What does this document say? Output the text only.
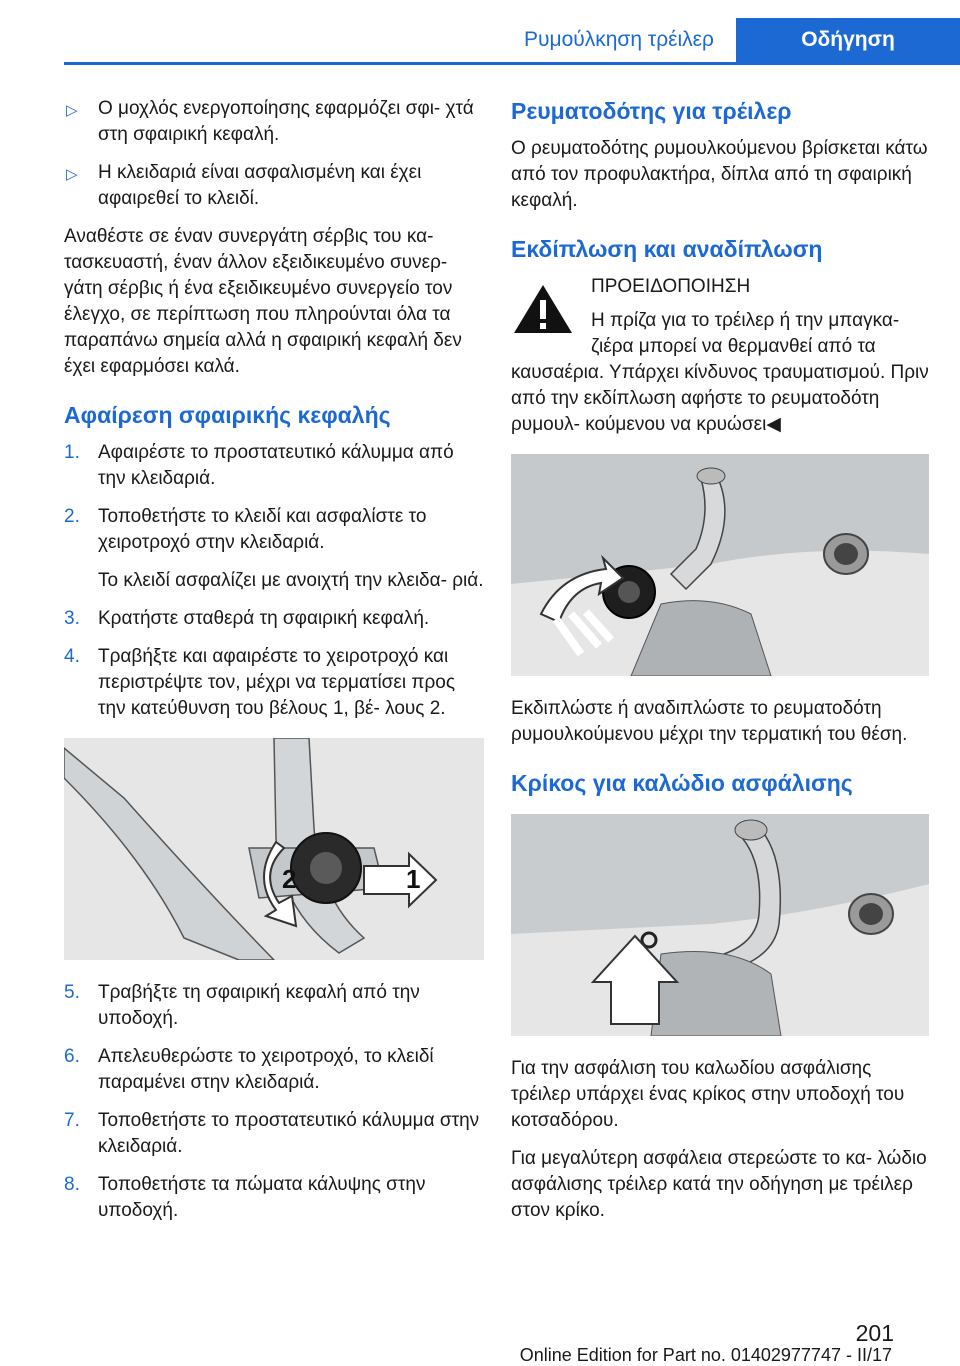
Ρυμούλκηση τρέιλερ	Οδήγηση
▷ Ο μοχλός ενεργοποίησης εφαρμόζει σφι‐ χτά στη σφαιρική κεφαλή.
▷ Η κλειδαριά είναι ασφαλισμένη και έχει αφαιρεθεί το κλειδί.

Αναθέστε σε έναν συνεργάτη σέρβις του κα‐ τασκευαστή, έναν άλλον εξειδικευμένο συνερ‐ γάτη σέρβις ή ένα εξειδικευμένο συνεργείο τον έλεγχο, σε περίπτωση που πληρούνται όλα τα παραπάνω σημεία αλλά η σφαιρική κεφαλή δεν έχει εφαρμόσει καλά.

Αφαίρεση σφαιρικής κεφαλής
1. Αφαιρέστε το προστατευτικό κάλυμμα από την κλειδαριά.
2. Τοποθετήστε το κλειδί και ασφαλίστε το χειροτροχό στην κλειδαριά.
Το κλειδί ασφαλίζει με ανοιχτή την κλειδα‐ ριά.
3. Κρατήστε σταθερά τη σφαιρική κεφαλή.
4. Τραβήξτε και αφαιρέστε το χειροτροχό και περιστρέψτε τον, μέχρι να τερματίσει προς την κατεύθυνση του βέλους 1, βέ‐ λους 2.
2	1
5. Τραβήξτε τη σφαιρική κεφαλή από την υποδοχή.
6. Απελευθερώστε το χειροτροχό, το κλειδί παραμένει στην κλειδαριά.
7. Τοποθετήστε το προστατευτικό κάλυμμα στην κλειδαριά.
8. Τοποθετήστε τα πώματα κάλυψης στην υποδοχή.
Ρευματοδότης για τρέιλερ

Ο ρευματοδότης ρυμουλκούμενου βρίσκεται κάτω από τον προφυλακτήρα, δίπλα από τη σφαιρική κεφαλή.

Εκδίπλωση και αναδίπλωση
ΠΡΟΕΙΔΟΠΟΙΗΣΗ
Η πρίζα για το τρέιλερ ή την μπαγκα‐ ζιέρα μπορεί να θερμανθεί από τα καυσαέρια. Υπάρχει κίνδυνος τραυματισμού. Πριν από την εκδίπλωση αφήστε το ρευματοδότη ρυμουλ‐ κούμενου να κρυώσει◀

Εκδιπλώστε ή αναδιπλώστε το ρευματοδότη ρυμουλκούμενου μέχρι την τερματική του θέση.

Κρίκος για καλώδιο ασφάλισης

Για την ασφάλιση του καλωδίου ασφάλισης τρέιλερ υπάρχει ένας κρίκος στην υποδοχή του κοτσαδόρου.

Για μεγαλύτερη ασφάλεια στερεώστε το κα‐ λώδιο ασφάλισης τρέιλερ κατά την οδήγηση με τρέιλερ στον κρίκο.

201
Online Edition for Part no. 01402977747 - II/17
